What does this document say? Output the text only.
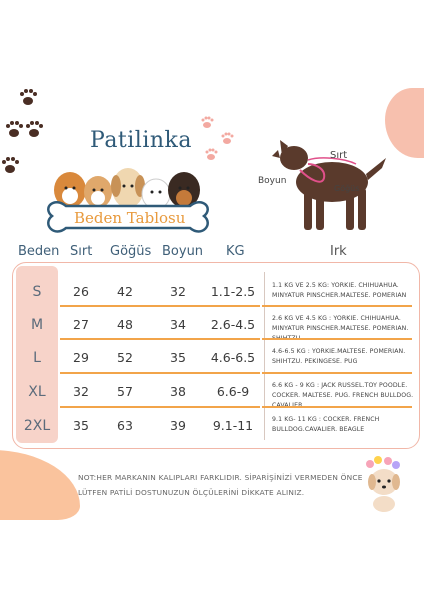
Patilinka
Beden Tablosu
Sırt
Boyun
Göğüs
Beden Sırt Göğüs Boyun KG	Irk
S	26	42	32	1.1-2.5	1.1 KG VE 2.5 KG: YORKIE. CHIHUAHUA. MINYATUR PINSCHER.MALTESE. POMERIAN
M	27	48	34	2.6-4.5	2.6 KG VE 4.5 KG : YORKIE. CHIHUAHUA. MINYATUR PINSCHER.MALTESE. POMERIAN.
L	29	52	35	4.6-6.5	4.6-6.5 KG : YORKIE.MALTESE. POMERIAN. SHIHTZU. PEKINGESE. PUG
XL	32	57	38	6.6-9	6.6 KG - 9 KG : JACK RUSSEL.TOY POODLE. COCKER. MALTESE. PUG. FRENCH BULLDOG.
2XL	35	63	39	9.1-11	9.1 KG- 11 KG : COCKER. FRENCH BULLDOG.CAVALIER. BEAGLE
NOT:HER MARKANIN KALIPLARI FARKLIDIR. SİPARİŞİNİZİ VERMEDEN ÖNCE LÜTFEN PATİLİ DOSTUNUZUN ÖLÇÜLERİNİ DİKKATE ALINIZ.
